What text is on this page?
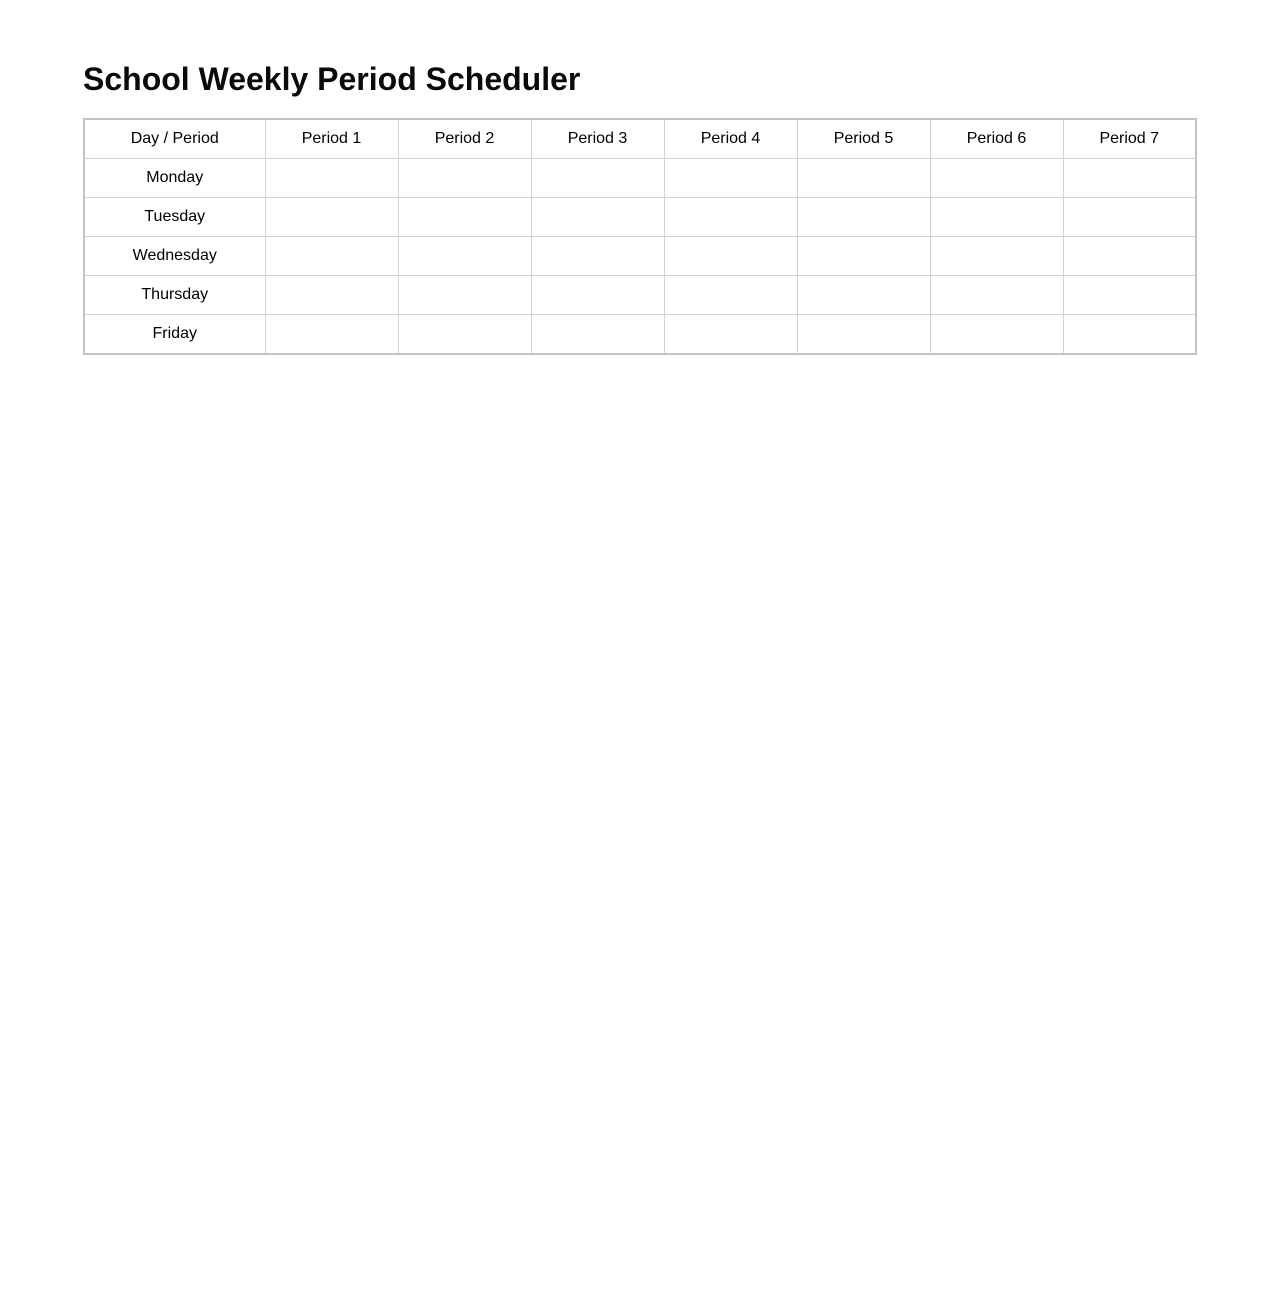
School Weekly Period Scheduler
Day / Period	Period 1	Period 2	Period 3	Period 4	Period 5	Period 6	Period 7
Monday							
Tuesday							
Wednesday							
Thursday							
Friday							
